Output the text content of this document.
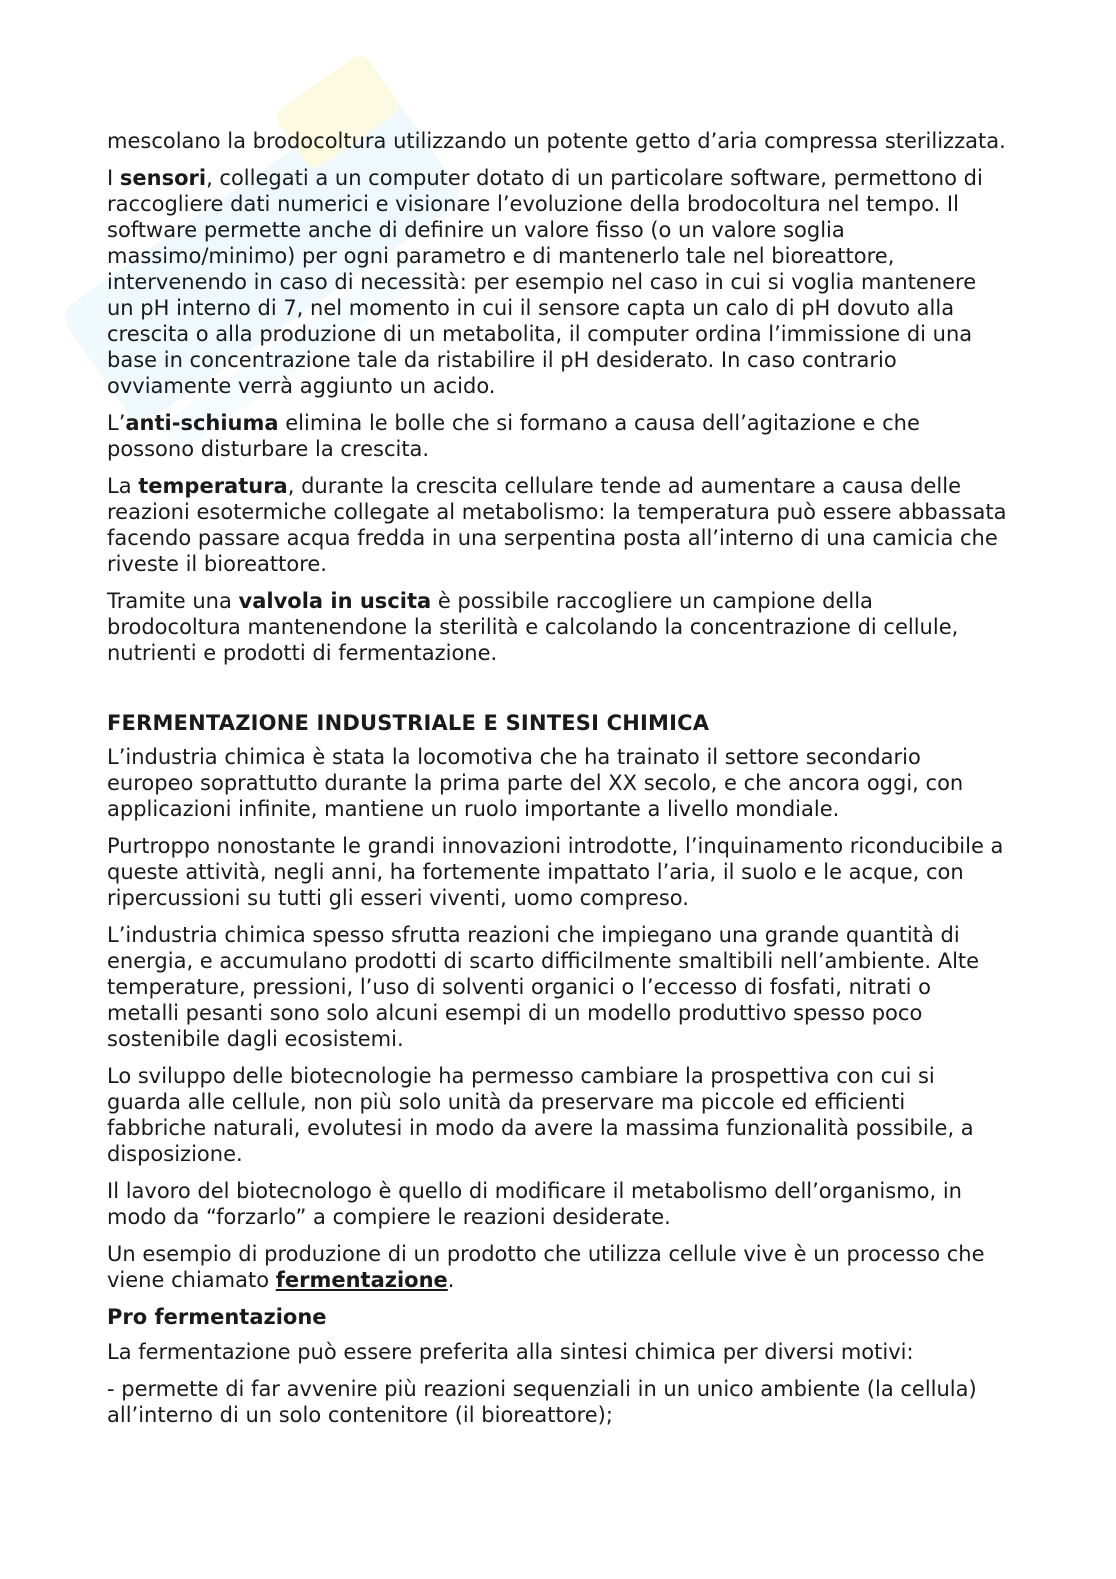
mescolano la brodocoltura utilizzando un potente getto d’aria compressa sterilizzata.

I sensori, collegati a un computer dotato di un particolare software, permettono di raccogliere dati numerici e visionare l’evoluzione della brodocoltura nel tempo. Il software permette anche di definire un valore fisso (o un valore soglia massimo/minimo) per ogni parametro e di mantenerlo tale nel bioreattore, intervenendo in caso di necessità: per esempio nel caso in cui si voglia mantenere un pH interno di 7, nel momento in cui il sensore capta un calo di pH dovuto alla crescita o alla produzione di un metabolita, il computer ordina l’immissione di una base in concentrazione tale da ristabilire il pH desiderato. In caso contrario ovviamente verrà aggiunto un acido.

L’anti-schiuma elimina le bolle che si formano a causa dell’agitazione e che possono disturbare la crescita.

La temperatura, durante la crescita cellulare tende ad aumentare a causa delle reazioni esotermiche collegate al metabolismo: la temperatura può essere abbassata facendo passare acqua fredda in una serpentina posta all’interno di una camicia che riveste il bioreattore.

Tramite una valvola in uscita è possibile raccogliere un campione della brodocoltura mantenendone la sterilità e calcolando la concentrazione di cellule, nutrienti e prodotti di fermentazione.

FERMENTAZIONE INDUSTRIALE E SINTESI CHIMICA

L’industria chimica è stata la locomotiva che ha trainato il settore secondario europeo soprattutto durante la prima parte del XX secolo, e che ancora oggi, con applicazioni infinite, mantiene un ruolo importante a livello mondiale.

Purtroppo nonostante le grandi innovazioni introdotte, l’inquinamento riconducibile a queste attività, negli anni, ha fortemente impattato l’aria, il suolo e le acque, con ripercussioni su tutti gli esseri viventi, uomo compreso.

L’industria chimica spesso sfrutta reazioni che impiegano una grande quantità di energia, e accumulano prodotti di scarto difficilmente smaltibili nell’ambiente. Alte temperature, pressioni, l’uso di solventi organici o l’eccesso di fosfati, nitrati o metalli pesanti sono solo alcuni esempi di un modello produttivo spesso poco sostenibile dagli ecosistemi.

Lo sviluppo delle biotecnologie ha permesso cambiare la prospettiva con cui si guarda alle cellule, non più solo unità da preservare ma piccole ed efficienti fabbriche naturali, evolutesi in modo da avere la massima funzionalità possibile, a disposizione.

Il lavoro del biotecnologo è quello di modificare il metabolismo dell’organismo, in modo da “forzarlo” a compiere le reazioni desiderate.

Un esempio di produzione di un prodotto che utilizza cellule vive è un processo che viene chiamato fermentazione.

Pro fermentazione

La fermentazione può essere preferita alla sintesi chimica per diversi motivi:

- permette di far avvenire più reazioni sequenziali in un unico ambiente (la cellula) all’interno di un solo contenitore (il bioreattore);
